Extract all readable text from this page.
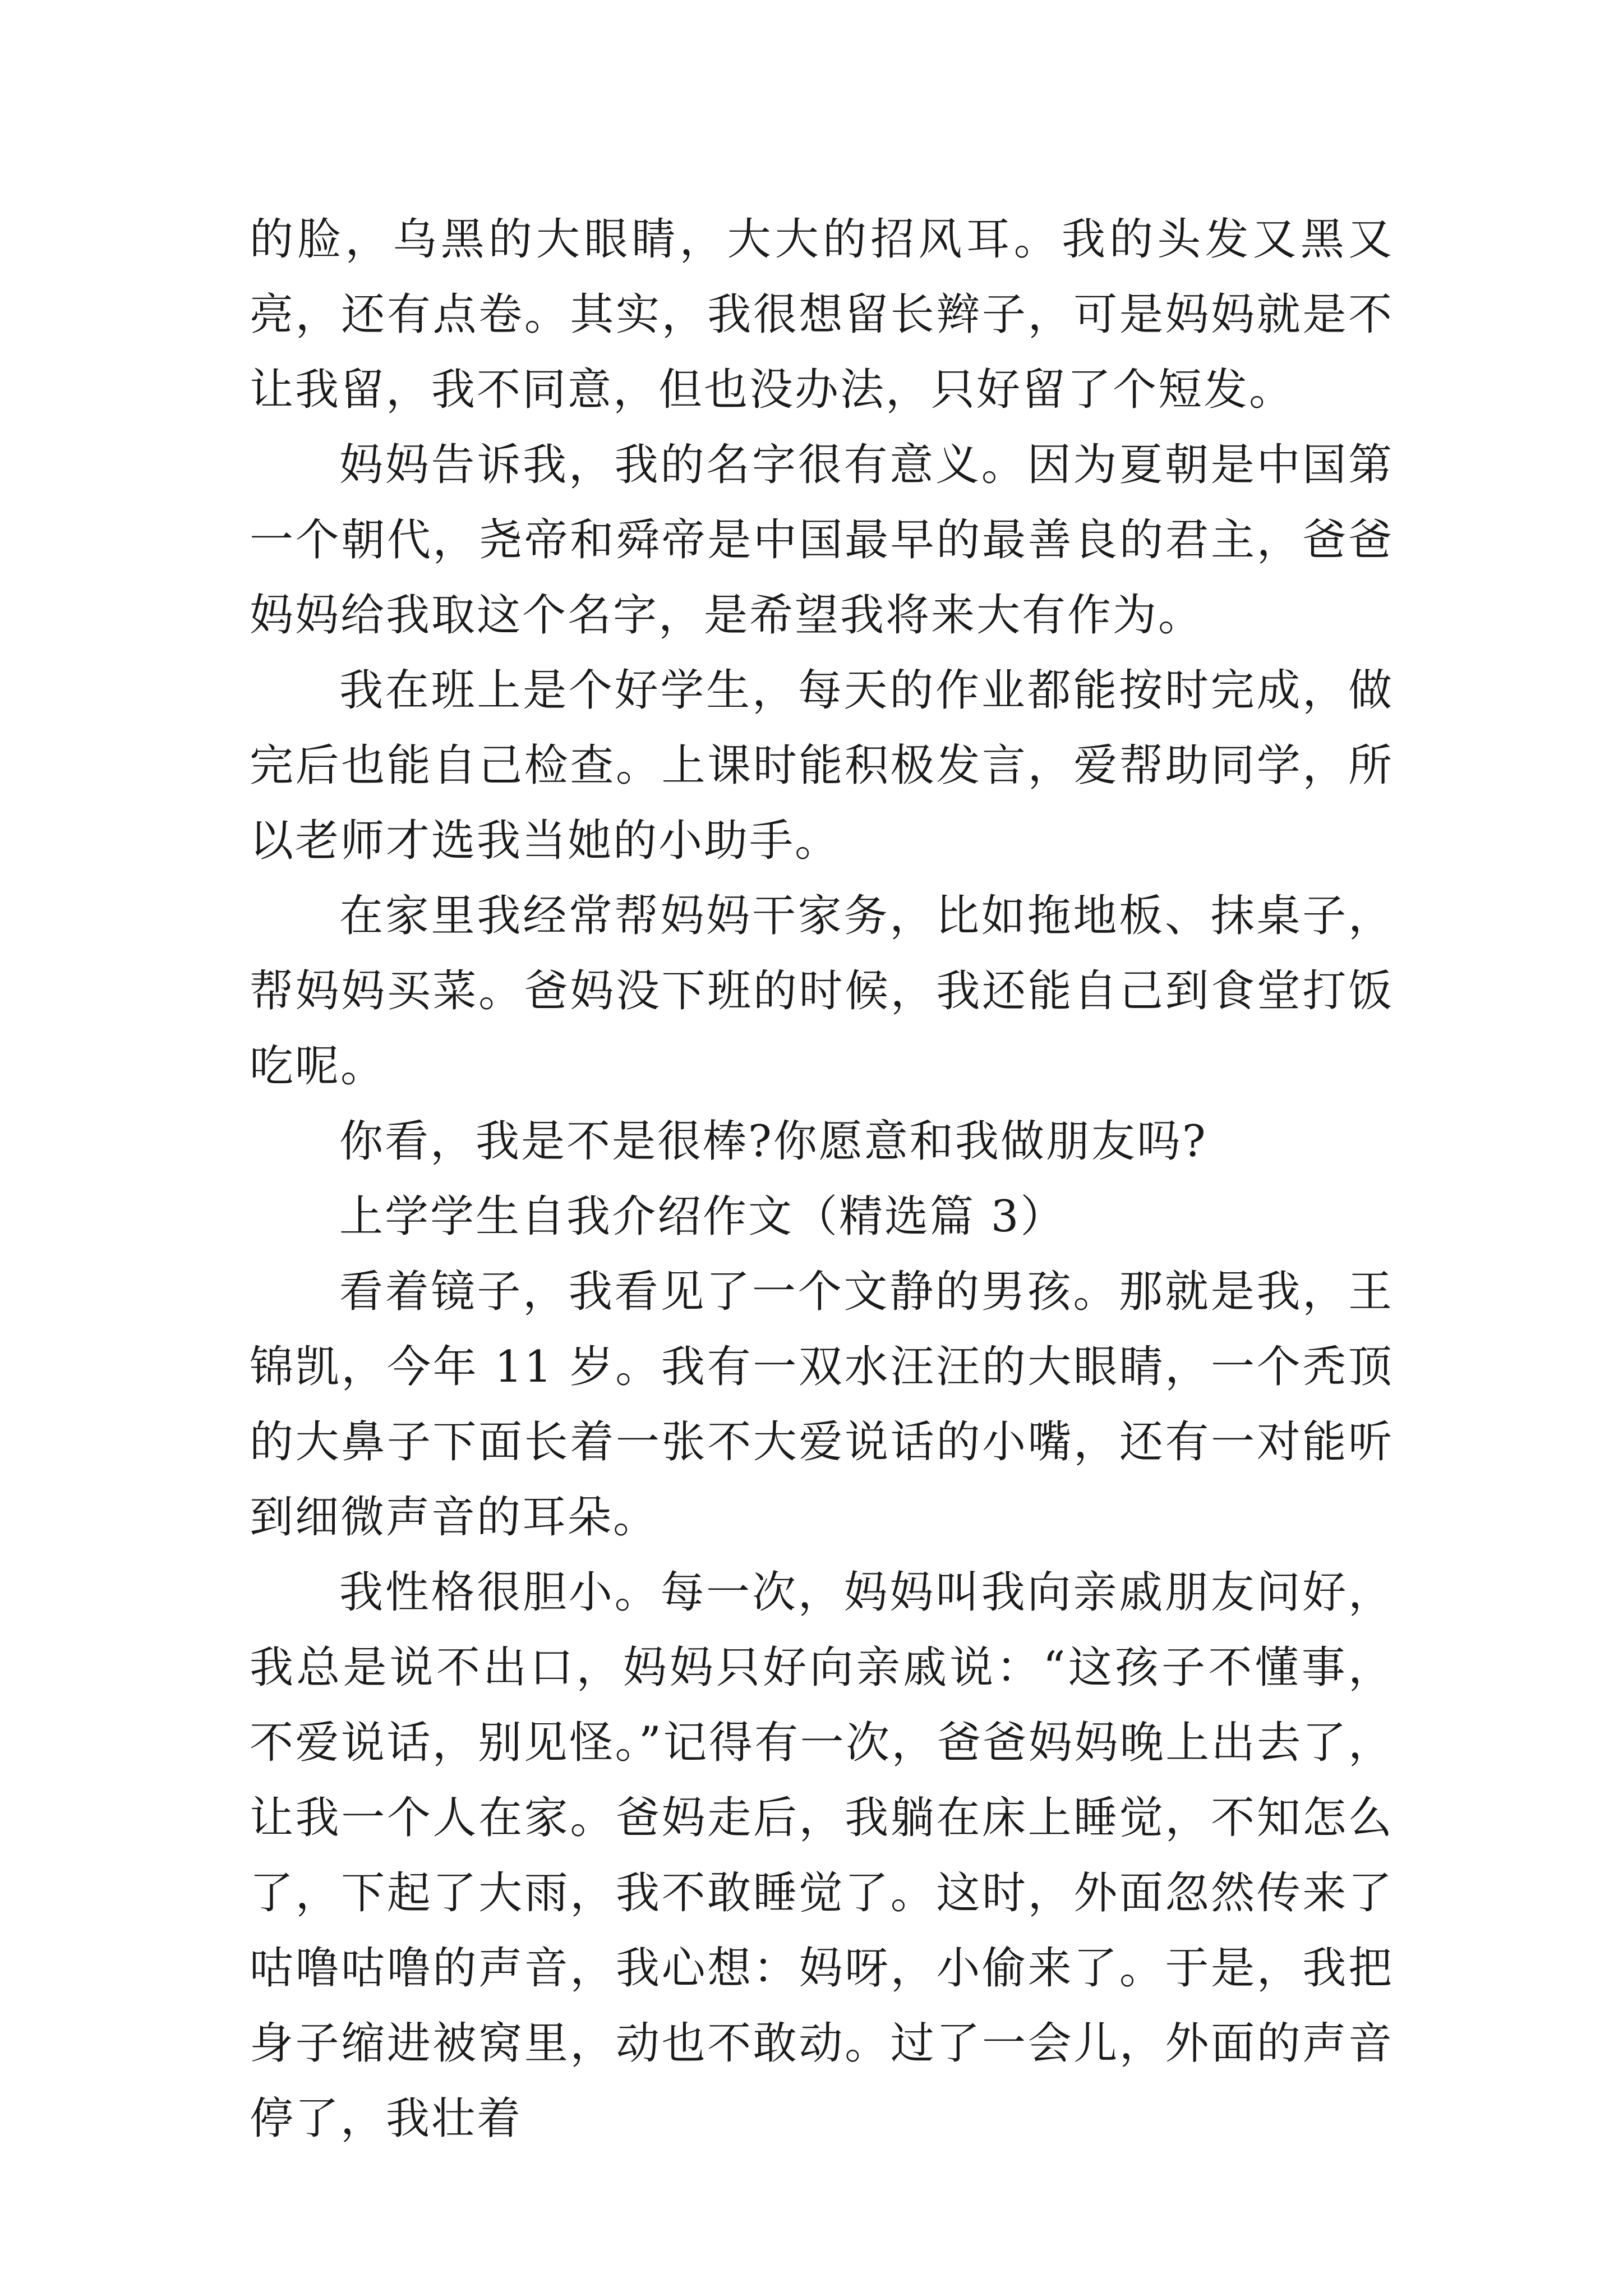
的脸，乌黑的大眼睛，大大的招风耳。我的头发又黑又亮，还有点卷。其实，我很想留长辫子，可是妈妈就是不让我留，我不同意，但也没办法，只好留了个短发。

妈妈告诉我，我的名字很有意义。因为夏朝是中国第一个朝代，尧帝和舜帝是中国最早的最善良的君主，爸爸妈妈给我取这个名字，是希望我将来大有作为。

我在班上是个好学生，每天的作业都能按时完成，做完后也能自己检查。上课时能积极发言，爱帮助同学，所以老师才选我当她的小助手。

在家里我经常帮妈妈干家务，比如拖地板、抹桌子，帮妈妈买菜。爸妈没下班的时候，我还能自己到食堂打饭吃呢。

你看，我是不是很棒?你愿意和我做朋友吗?

上学学生自我介绍作文（精选篇 3）

看着镜子，我看见了一个文静的男孩。那就是我，王锦凯，今年 11 岁。我有一双水汪汪的大眼睛，一个秃顶的大鼻子下面长着一张不大爱说话的小嘴，还有一对能听到细微声音的耳朵。

我性格很胆小。每一次，妈妈叫我向亲戚朋友问好，我总是说不出口，妈妈只好向亲戚说：“这孩子不懂事，不爱说话，别见怪。”记得有一次，爸爸妈妈晚上出去了，让我一个人在家。爸妈走后，我躺在床上睡觉，不知怎么了，下起了大雨，我不敢睡觉了。这时，外面忽然传来了咕噜咕噜的声音，我心想：妈呀，小偷来了。于是，我把身子缩进被窝里，动也不敢动。过了一会儿，外面的声音停了，我壮着
